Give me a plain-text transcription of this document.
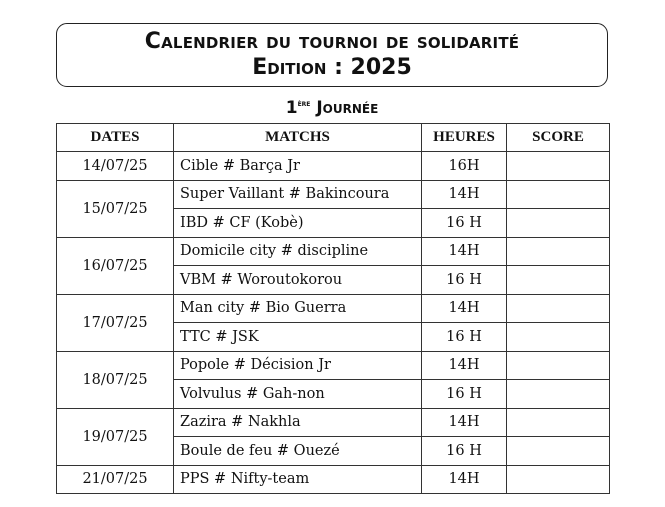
Calendrier du tournoi de solidarité
Edition : 2025
1ère Journée
DATES	MATCHS	HEURES	SCORE
14/07/25	Cible # Barça Jr	16H	
15/07/25	Super Vaillant # Bakincoura	14H	
	IBD # CF (Kobè)	16 H	
16/07/25	Domicile city # discipline	14H	
	VBM # Woroutokorou	16 H	
17/07/25	Man city # Bio Guerra	14H	
	TTC # JSK	16 H	
18/07/25	Popole # Décision Jr	14H	
	Volvulus # Gah-non	16 H	
19/07/25	Zazira # Nakhla	14H	
	Boule de feu # Ouezé	16 H	
21/07/25	PPS # Nifty-team	14H	
